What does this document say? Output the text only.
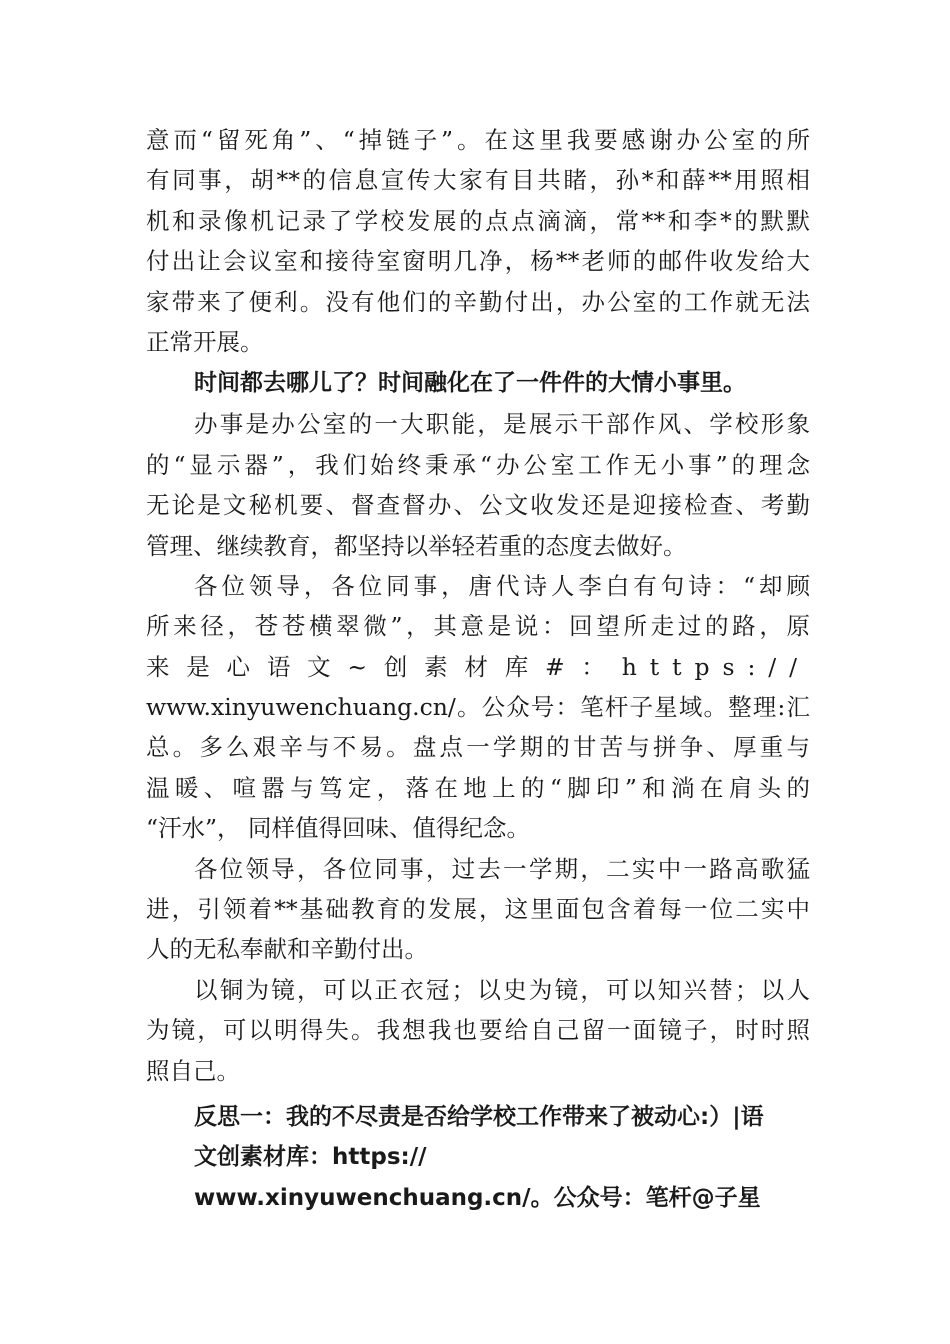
意而“留死角”、“掉链子”。在这里我要感谢办公室的所
有同事，胡**的信息宣传大家有目共睹，孙*和薛**用照相
机和录像机记录了学校发展的点点滴滴，常**和李*的默默
付出让会议室和接待室窗明几净，杨**老师的邮件收发给大
家带来了便利。没有他们的辛勤付出，办公室的工作就无法
正常开展。
时间都去哪儿了？时间融化在了一件件的大情小事里。
办事是办公室的一大职能，是展示干部作风、学校形象
的“显示器”，我们始终秉承“办公室工作无小事”的理念
无论是文秘机要、督查督办、公文收发还是迎接检查、考勤
管理、继续教育，都坚持以举轻若重的态度去做好。
各位领导，各位同事，唐代诗人李白有句诗：“却顾
所来径，苍苍横翠微”，其意是说：回望所走过的路，原
来是心语文~创素材库#：https://
www.xinyuwenchuang.cn/。公众号：笔杆子星域。整理:汇
总。多么艰辛与不易。盘点一学期的甘苦与拼争、厚重与
温暖、喧嚣与笃定，落在地上的“脚印”和淌在肩头的
“汗水”， 同样值得回味、值得纪念。
各位领导，各位同事，过去一学期，二实中一路高歌猛
进，引领着**基础教育的发展，这里面包含着每一位二实中
人的无私奉献和辛勤付出。
以铜为镜，可以正衣冠；以史为镜，可以知兴替；以人
为镜，可以明得失。我想我也要给自己留一面镜子，时时照
照自己。
反思一：我的不尽责是否给学校工作带来了被动心:）|语
文创素材库：https://
www.xinyuwenchuang.cn/。公众号：笔杆@子星
